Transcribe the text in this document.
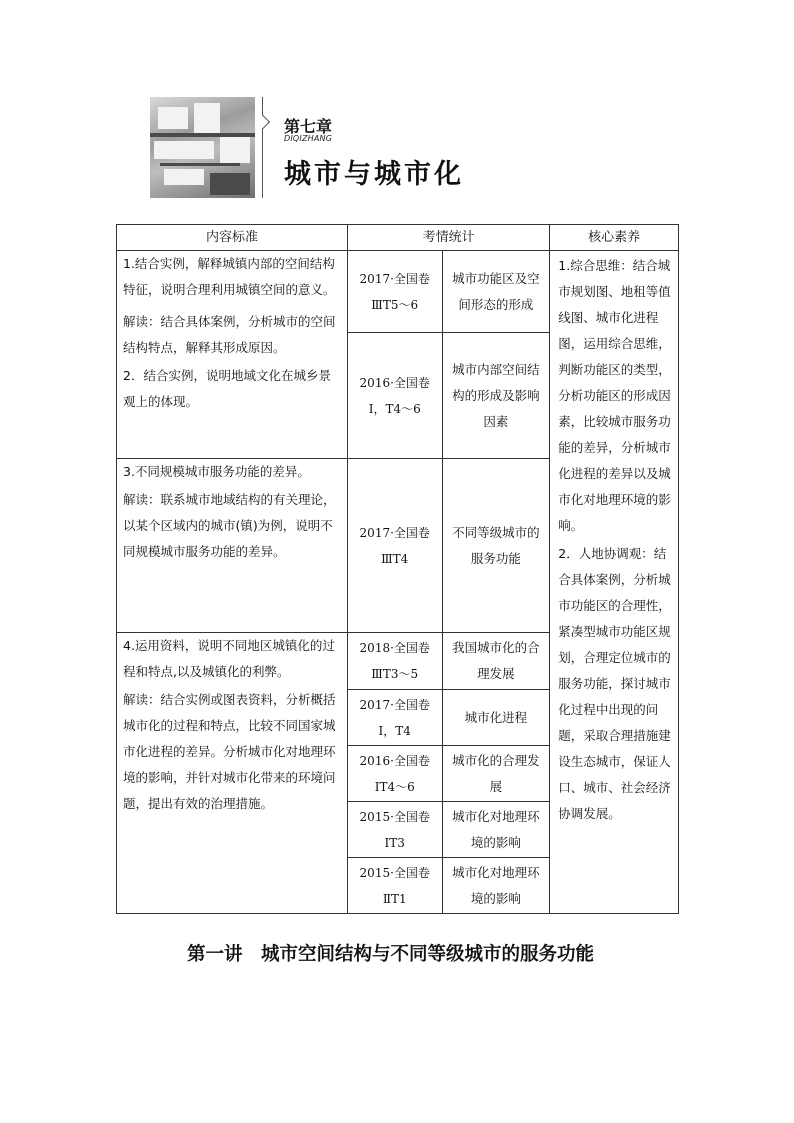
第七章
DIQIZHANG
城市与城市化
内容标准	考情统计		核心素养

1.结合实例，解释城镇内部的空间结构特征，说明合理利用城镇空间的意义。
解读：结合具体案例，分析城市的空间结构特点，解释其形成原因。
2．结合实例，说明地域文化在城乡景观上的体现。	2017·全国卷ⅢT5～6	城市功能区及空间形态的形成	1.综合思维：结合城市规划图、地租等值线图、城市化进程图，运用综合思维，判断功能区的类型，分析功能区的形成因素，比较城市服务功能的差异，分析城市化进程的差异以及城市化对地理环境的影响。
2．人地协调观：结合具体案例，分析城市功能区的合理性，紧凑型城市功能区规划，合理定位城市的服务功能，探讨城市化过程中出现的问题，采取合理措施建设生态城市，保证人口、城市、社会经济协调发展。

	2016·全国卷Ⅰ，T4～6	城市内部空间结构的形成及影响因素	

3.不同规模城市服务功能的差异。
解读：联系城市地域结构的有关理论，以某个区域内的城市(镇)为例，说明不同规模城市服务功能的差异。	2017·全国卷ⅢT4	不同等级城市的服务功能	

4.运用资料，说明不同地区城镇化的过程和特点,以及城镇化的利弊。
解读：结合实例或图表资料，分析概括城市化的过程和特点，比较不同国家城市化进程的差异。分析城市化对地理环境的影响，并针对城市化带来的环境问题，提出有效的治理措施。	2018·全国卷ⅢT3～5	我国城市化的合理发展	
	2017·全国卷Ⅰ，T4	城市化进程	
	2016·全国卷ⅠT4～6	城市化的合理发展	
	2015·全国卷ⅠT3	城市化对地理环境的影响	
	2015·全国卷ⅡT1	城市化对地理环境的影响	
第一讲　城市空间结构与不同等级城市的服务功能
